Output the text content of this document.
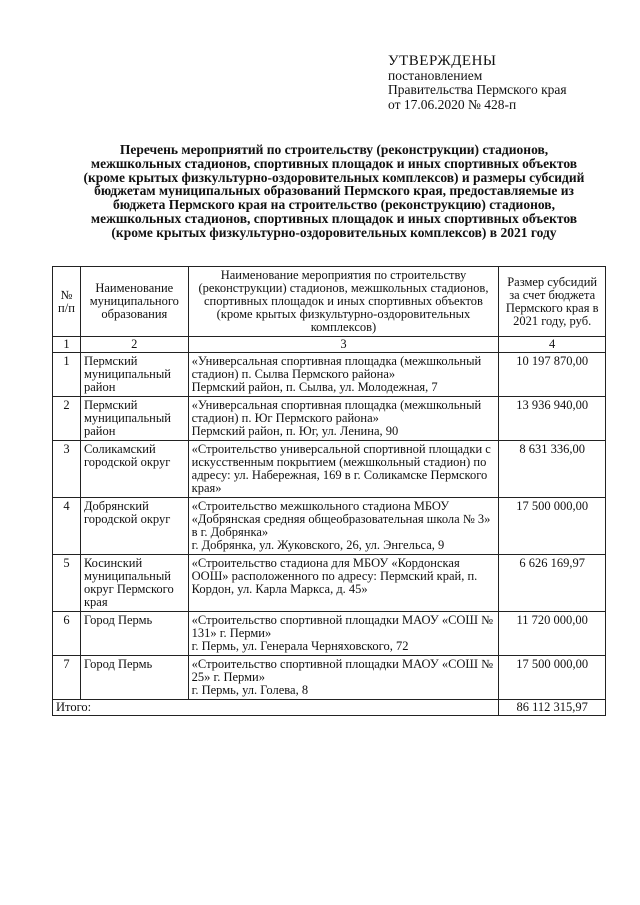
УТВЕРЖДЕНЫ
постановлением
Правительства Пермского края
от 17.06.2020 № 428-п
Перечень мероприятий по строительству (реконструкции) стадионов, межшкольных стадионов, спортивных площадок и иных спортивных объектов (кроме крытых физкультурно-оздоровительных комплексов) и размеры субсидий бюджетам муниципальных образований Пермского края, предоставляемые из бюджета Пермского края на строительство (реконструкцию) стадионов, межшкольных стадионов, спортивных площадок и иных спортивных объектов (кроме крытых физкультурно-оздоровительных комплексов) в 2021 году
№ п/п	Наименование муниципального образования	Наименование мероприятия по строительству (реконструкции) стадионов, межшкольных стадионов, спортивных площадок и иных спортивных объектов (кроме крытых физкультурно-оздоровительных комплексов)	Размер субсидий за счет бюджета Пермского края в 2021 году, руб.
1	2	3	4
1	Пермский муниципальный район	«Универсальная спортивная площадка (межшкольный стадион) п. Сылва Пермского района»
Пермский район, п. Сылва, ул. Молодежная, 7	10 197 870,00
2	Пермский муниципальный район	«Универсальная спортивная площадка (межшкольный стадион) п. Юг Пермского района»
Пермский район, п. Юг, ул. Ленина, 90	13 936 940,00
3	Соликамский городской округ	«Строительство универсальной спортивной площадки с искусственным покрытием (межшкольный стадион) по адресу: ул. Набережная, 169 в г. Соликамске Пермского края»	8 631 336,00
4	Добрянский городской округ	«Строительство межшкольного стадиона МБОУ «Добрянская средняя общеобразовательная школа № 3» в г. Добрянка»
г. Добрянка, ул. Жуковского, 26, ул. Энгельса, 9	17 500 000,00
5	Косинский муниципальный округ Пермского края	«Строительство стадиона для МБОУ «Кордонская ООШ» расположенного по адресу: Пермский край, п. Кордон, ул. Карла Маркса, д. 45»	6 626 169,97
6	Город Пермь	«Строительство спортивной площадки МАОУ «СОШ № 131» г. Перми»
г. Пермь, ул. Генерала Черняховского, 72	11 720 000,00
7	Город Пермь	«Строительство спортивной площадки МАОУ «СОШ № 25» г. Перми»
г. Пермь, ул. Голева, 8	17 500 000,00
Итого:			86 112 315,97
